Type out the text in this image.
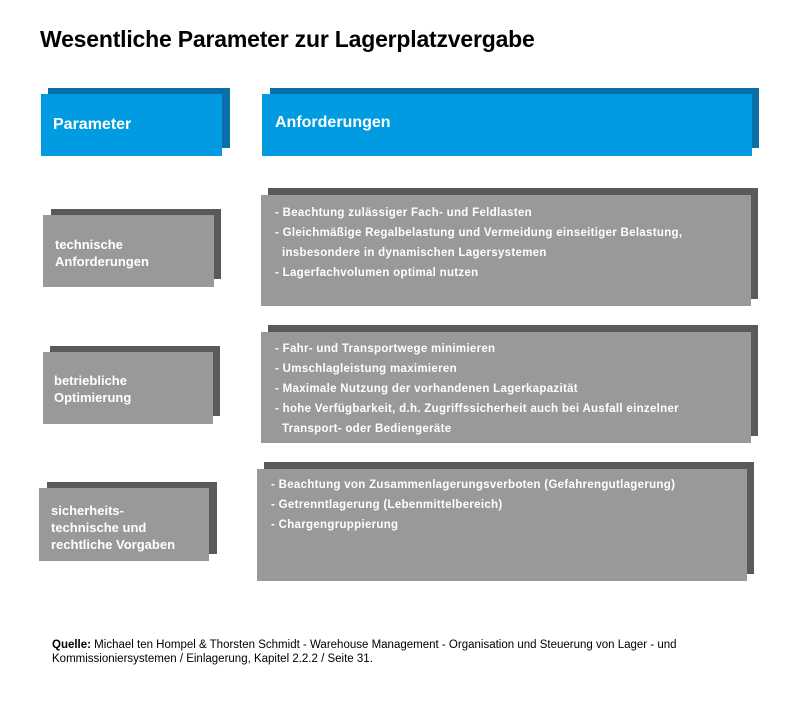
Wesentliche Parameter zur Lagerplatzvergabe
Parameter	Anforderungen
technische
Anforderungen
- Beachtung zulässiger Fach- und Feldlasten
- Gleichmäßige Regalbelastung und Vermeidung einseitiger Belastung,
insbesondere in dynamischen Lagersystemen
- Lagerfachvolumen optimal nutzen
betriebliche
Optimierung
- Fahr- und Transportwege minimieren
- Umschlagleistung maximieren
- Maximale Nutzung der vorhandenen Lagerkapazität
- hohe Verfügbarkeit, d.h. Zugriffssicherheit auch bei Ausfall einzelner
Transport- oder Bediengeräte
sicherheits-
technische und
rechtliche Vorgaben
- Beachtung von Zusammenlagerungsverboten (Gefahrengutlagerung)
- Getrenntlagerung (Lebenmittelbereich)
- Chargengruppierung
Quelle: Michael ten Hompel & Thorsten Schmidt - Warehouse Management - Organisation und Steuerung von Lager - und Kommissioniersystemen / Einlagerung, Kapitel 2.2.2 / Seite 31.
